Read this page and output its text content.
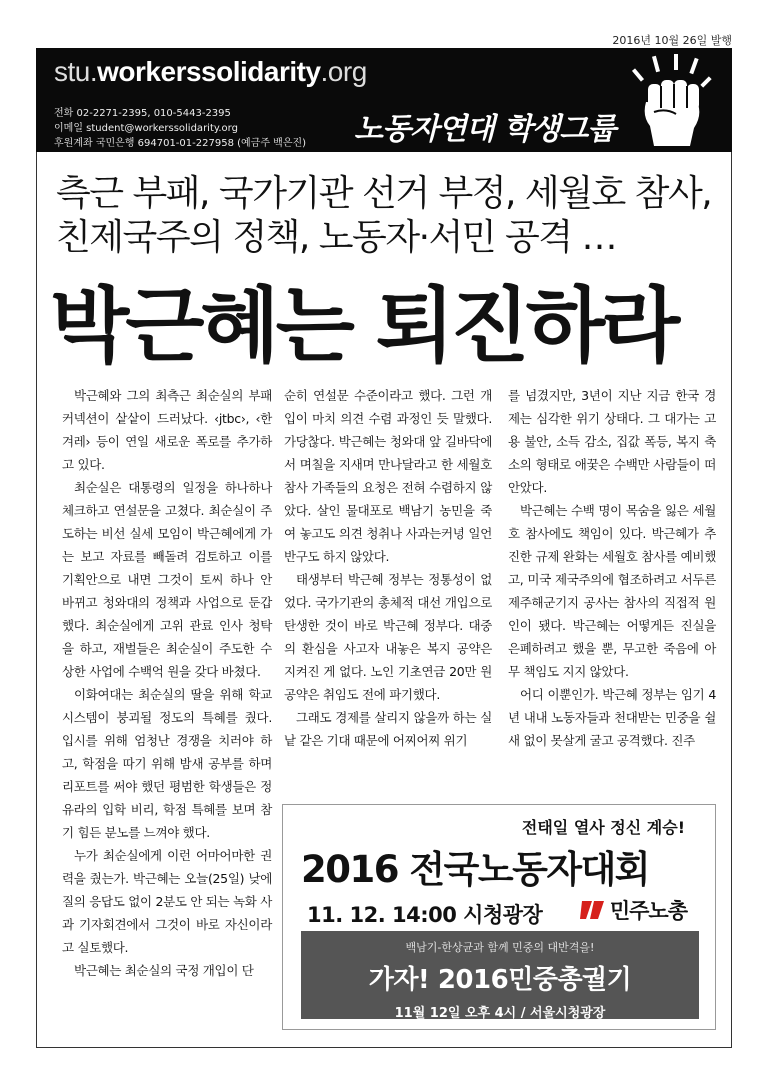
2016년 10월 26일 발행
stu.workerssolidarity.org
전화 02-2271-2395, 010-5443-2395
이메일 student@workerssolidarity.org
후원계좌 국민은행 694701-01-227958 (예금주 백은진) 노동자연대 학생그룹
측근 부패, 국가기관 선거 부정, 세월호 참사,
친제국주의 정책, 노동자·서민 공격 …
박근혜는 퇴진하라

박근혜와 그의 최측근 최순실의 부패 커넥션이 샅샅이 드러났다. ‹jtbc›, ‹한겨레› 등이 연일 새로운 폭로를 추가하고 있다.

최순실은 대통령의 일정을 하나하나 체크하고 연설문을 고쳤다. 최순실이 주도하는 비선 실세 모임이 박근혜에게 가는 보고 자료를 빼돌려 검토하고 이를 기획안으로 내면 그것이 토씨 하나 안 바뀌고 청와대의 정책과 사업으로 둔갑했다. 최순실에게 고위 관료 인사 청탁을 하고, 재벌들은 최순실이 주도한 수상한 사업에 수백억 원을 갖다 바쳤다.

이화여대는 최순실의 딸을 위해 학교 시스템이 붕괴될 정도의 특혜를 줬다. 입시를 위해 엄청난 경쟁을 치러야 하고, 학점을 따기 위해 밤새 공부를 하며 리포트를 써야 했던 평범한 학생들은 정유라의 입학 비리, 학점 특혜를 보며 참기 힘든 분노를 느껴야 했다.

누가 최순실에게 이런 어마어마한 권력을 줬는가. 박근혜는 오늘(25일) 낮에 질의 응답도 없이 2분도 안 되는 녹화 사과 기자회견에서 그것이 바로 자신이라고 실토했다.

박근혜는 최순실의 국정 개입이 단

순히 연설문 수준이라고 했다. 그런 개입이 마치 의견 수렴 과정인 듯 말했다. 가당찮다. 박근혜는 청와대 앞 길바닥에서 며칠을 지새며 만나달라고 한 세월호 참사 가족들의 요청은 전혀 수렴하지 않았다. 살인 물대포로 백남기 농민을 죽여 놓고도 의견 청취나 사과는커녕 일언반구도 하지 않았다.

태생부터 박근혜 정부는 정통성이 없었다. 국가기관의 총체적 대선 개입으로 탄생한 것이 바로 박근혜 정부다. 대중의 환심을 사고자 내놓은 복지 공약은 지켜진 게 없다. 노인 기초연금 20만 원 공약은 취임도 전에 파기했다.

그래도 경제를 살리지 않을까 하는 실낱 같은 기대 때문에 어찌어찌 위기

를 넘겼지만, 3년이 지난 지금 한국 경제는 심각한 위기 상태다. 그 대가는 고용 불안, 소득 감소, 집값 폭등, 복지 축소의 형태로 애꿎은 수백만 사람들이 떠안았다.

박근혜는 수백 명이 목숨을 잃은 세월호 참사에도 책임이 있다. 박근혜가 추진한 규제 완화는 세월호 참사를 예비했고, 미국 제국주의에 협조하려고 서두른 제주해군기지 공사는 참사의 직접적 원인이 됐다. 박근혜는 어떻게든 진실을 은폐하려고 했을 뿐, 무고한 죽음에 아무 책임도 지지 않았다.

어디 이뿐인가. 박근혜 정부는 임기 4년 내내 노동자들과 천대받는 민중을 쉴 새 없이 못살게 굴고 공격했다. 진주

전태일 열사 정신 계승!
2016 전국노동자대회
11. 12. 14:00 시청광장	민주노총
백남기-한상균과 함께 민중의 대반격을!
가자! 2016민중총궐기
11월 12일 오후 4시 / 서울시청광장
